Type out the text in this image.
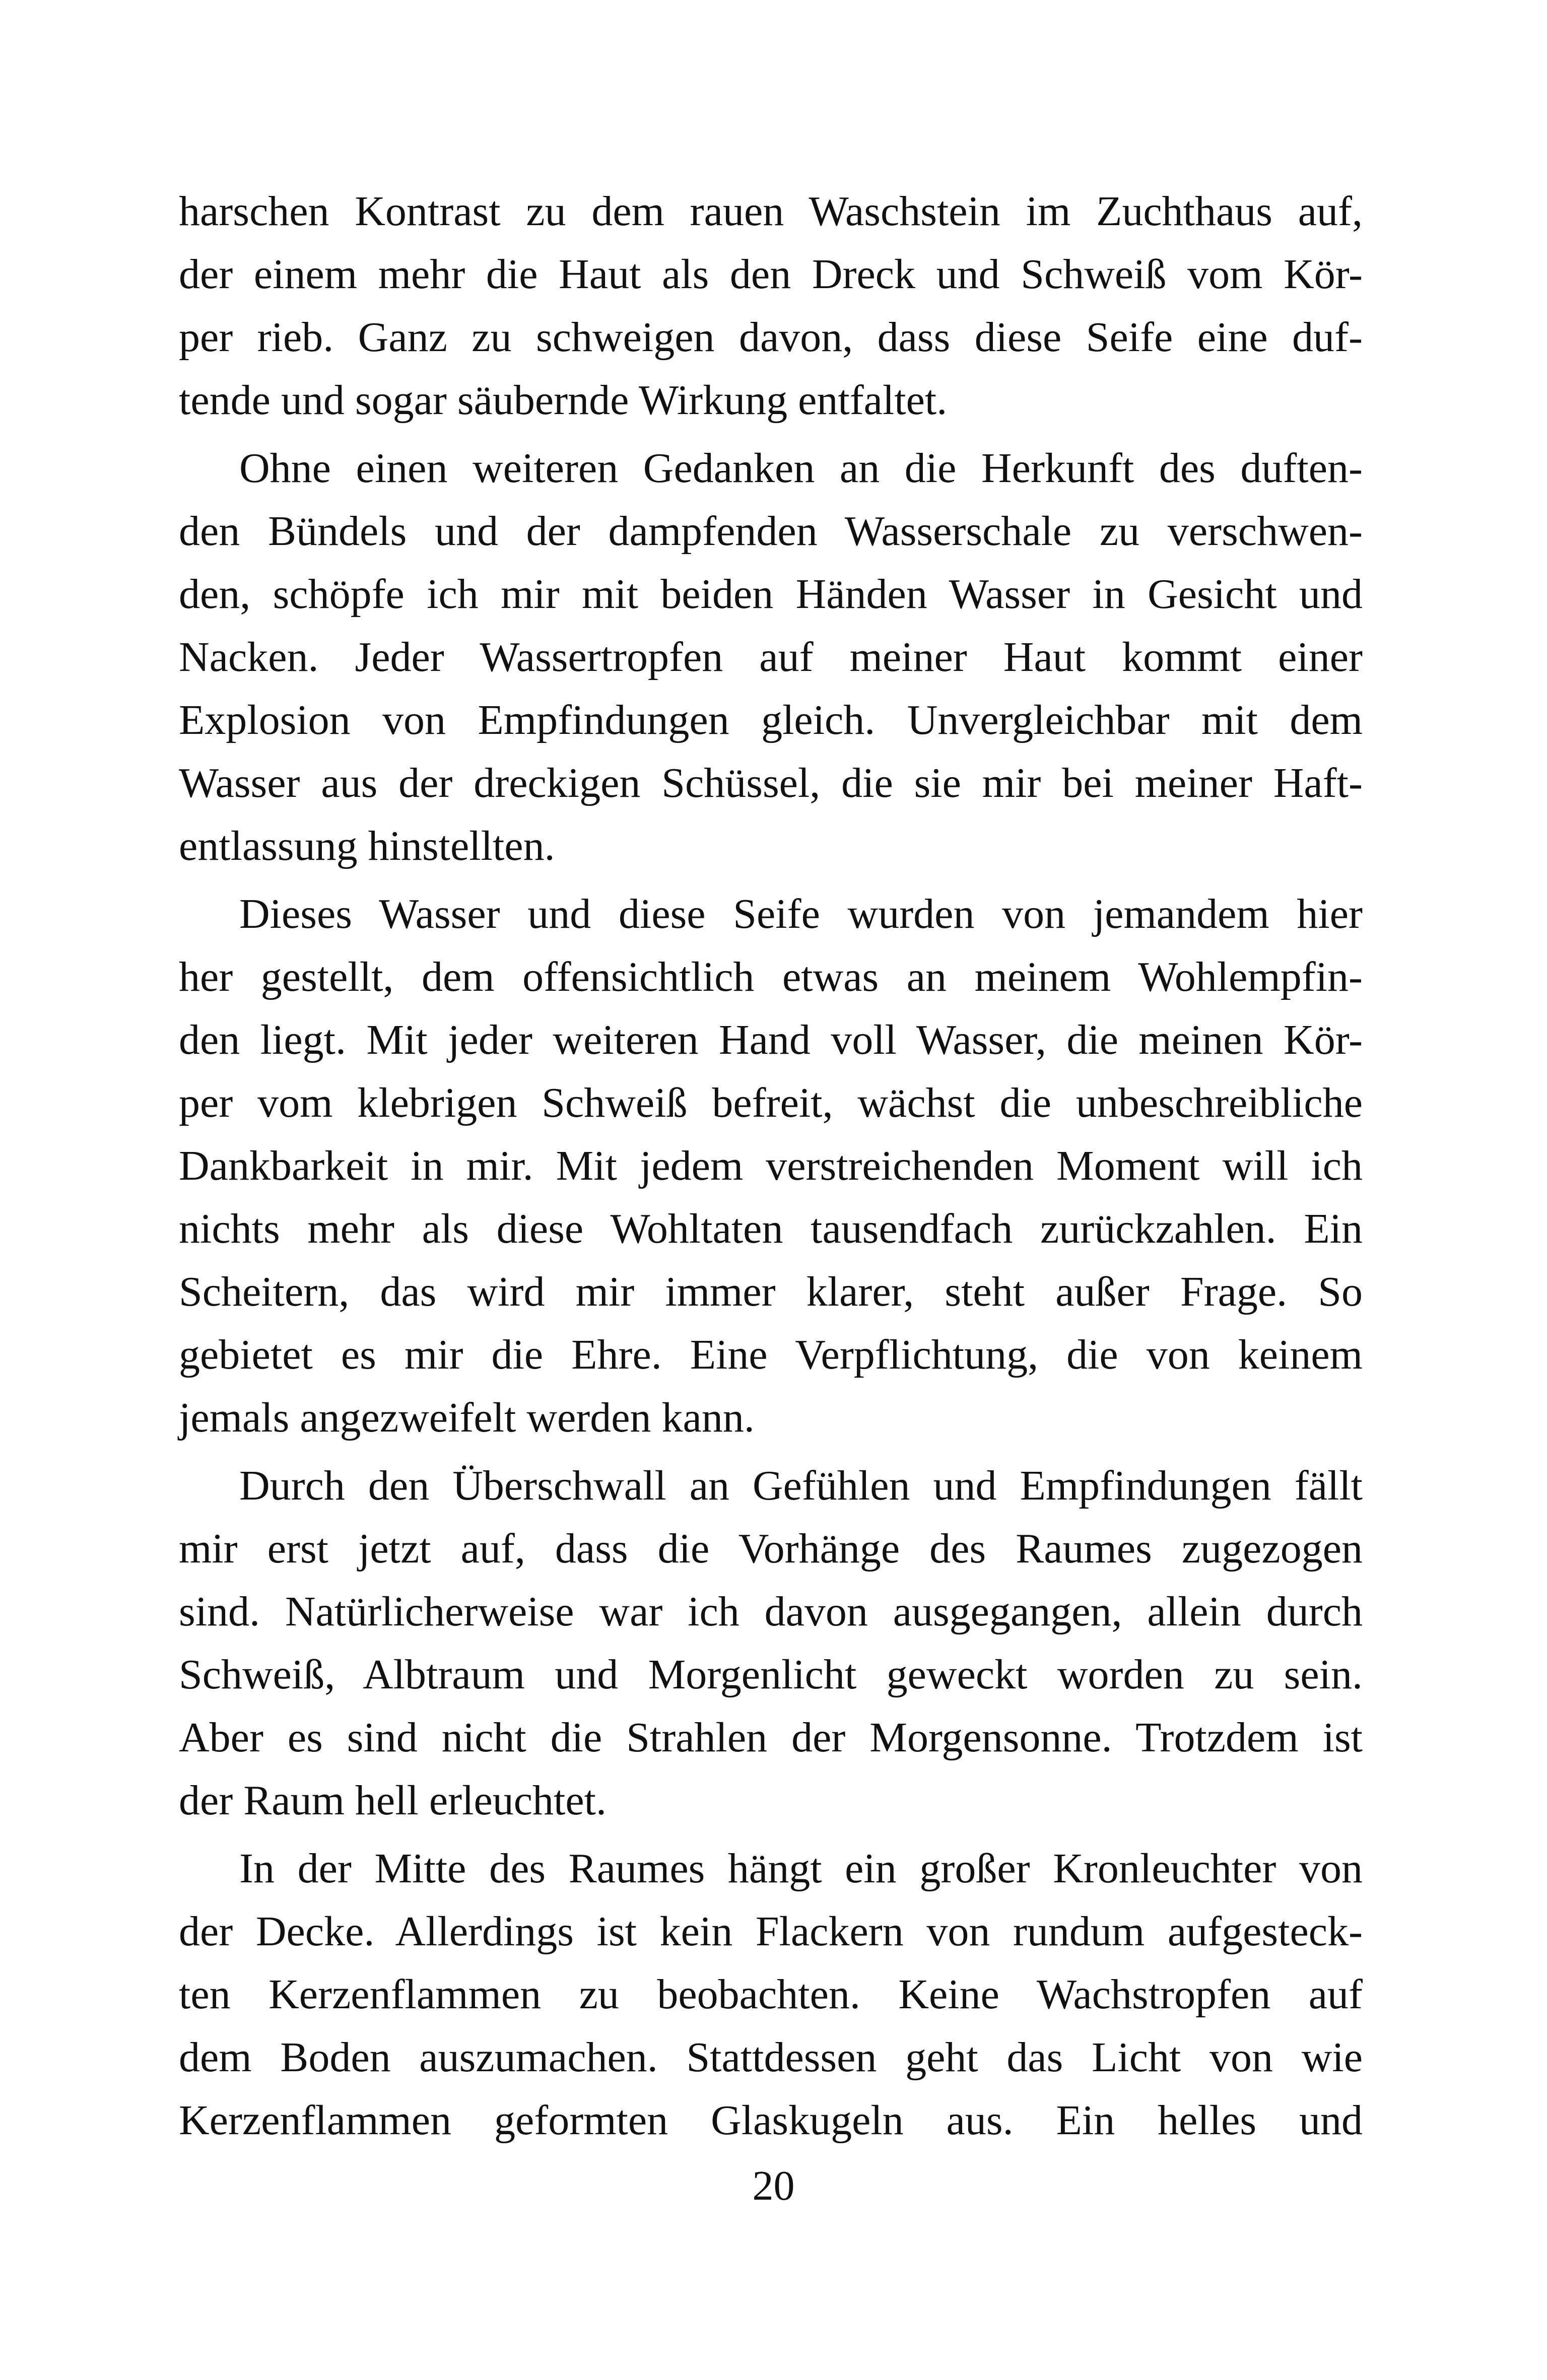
harschen Kontrast zu dem rauen Waschstein im Zuchthaus auf,
der einem mehr die Haut als den Dreck und Schweiß vom Kör-
per rieb. Ganz zu schweigen davon, dass diese Seife eine duf-
tende und sogar säubernde Wirkung entfaltet.
Ohne einen weiteren Gedanken an die Herkunft des duften-
den Bündels und der dampfenden Wasserschale zu verschwen-
den, schöpfe ich mir mit beiden Händen Wasser in Gesicht und
Nacken. Jeder Wassertropfen auf meiner Haut kommt einer
Explosion von Empfindungen gleich. Unvergleichbar mit dem
Wasser aus der dreckigen Schüssel, die sie mir bei meiner Haft-
entlassung hinstellten.
Dieses Wasser und diese Seife wurden von jemandem hier
her gestellt, dem offensichtlich etwas an meinem Wohlempfin-
den liegt. Mit jeder weiteren Hand voll Wasser, die meinen Kör-
per vom klebrigen Schweiß befreit, wächst die unbeschreibliche
Dankbarkeit in mir. Mit jedem verstreichenden Moment will ich
nichts mehr als diese Wohltaten tausendfach zurückzahlen. Ein
Scheitern, das wird mir immer klarer, steht außer Frage. So
gebietet es mir die Ehre. Eine Verpflichtung, die von keinem
jemals angezweifelt werden kann.
Durch den Überschwall an Gefühlen und Empfindungen fällt
mir erst jetzt auf, dass die Vorhänge des Raumes zugezogen
sind. Natürlicherweise war ich davon ausgegangen, allein durch
Schweiß, Albtraum und Morgenlicht geweckt worden zu sein.
Aber es sind nicht die Strahlen der Morgensonne. Trotzdem ist
der Raum hell erleuchtet.
In der Mitte des Raumes hängt ein großer Kronleuchter von
der Decke. Allerdings ist kein Flackern von rundum aufgesteck-
ten Kerzenflammen zu beobachten. Keine Wachstropfen auf
dem Boden auszumachen. Stattdessen geht das Licht von wie
Kerzenflammen geformten Glaskugeln aus. Ein helles und
20
